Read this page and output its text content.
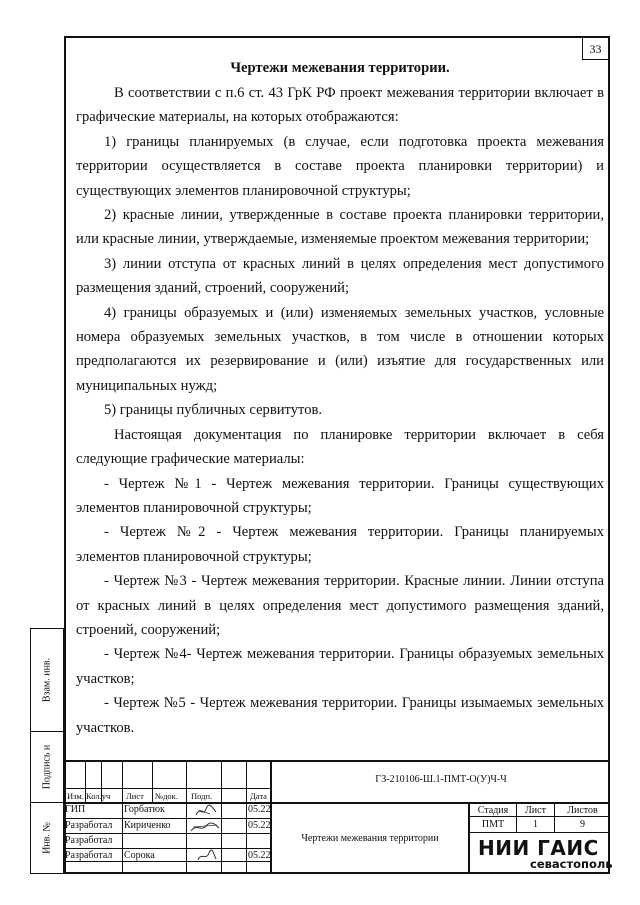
Взам. инв.
Подпись и
Инв. №
33
Чертежи межевания территории.

В соответствии с п.6 ст. 43 ГрК РФ проект межевания территории включает в графические материалы, на которых отображаются:

1) границы планируемых (в случае, если подготовка проекта межевания территории осуществляется в составе проекта планировки территории) и существующих элементов планировочной структуры;

2) красные линии, утвержденные в составе проекта планировки территории, или красные линии, утверждаемые, изменяемые проектом межевания территории;

3) линии отступа от красных линий в целях определения мест допустимого размещения зданий, строений, сооружений;

4) границы образуемых и (или) изменяемых земельных участков, условные номера образуемых земельных участков, в том числе в отношении которых предполагаются их резервирование и (или) изъятие для государственных или муниципальных нужд;

5) границы публичных сервитутов.

Настоящая документация по планировке территории включает в себя следующие графические материалы:

- Чертеж №1 - Чертеж межевания территории. Границы существующих элементов планировочной структуры;

- Чертеж №2 - Чертеж межевания территории. Границы планируемых элементов планировочной структуры;

- Чертеж №3 - Чертеж межевания территории. Красные линии. Линии отступа от красных линий в целях определения мест допустимого размещения зданий, строений, сооружений;

- Чертеж №4- Чертеж межевания территории. Границы образуемых земельных участков;

- Чертеж №5 - Чертеж межевания территории. Границы изымаемых земельных участков.

Изм. Кол.уч Лист №док. Подп.	Дата
ГЗ-210106-Ш.1-ПМТ-О(У)Ч-Ч
ГИП	Горбатюк	05.22
Разработал Кириченко	05.22
Разработал
Разработал Сорока	05.22
Чертежи межевания территории
Стадия	Лист	Листов
ПМТ	1	9
НИИ ГАИС
севастополь
